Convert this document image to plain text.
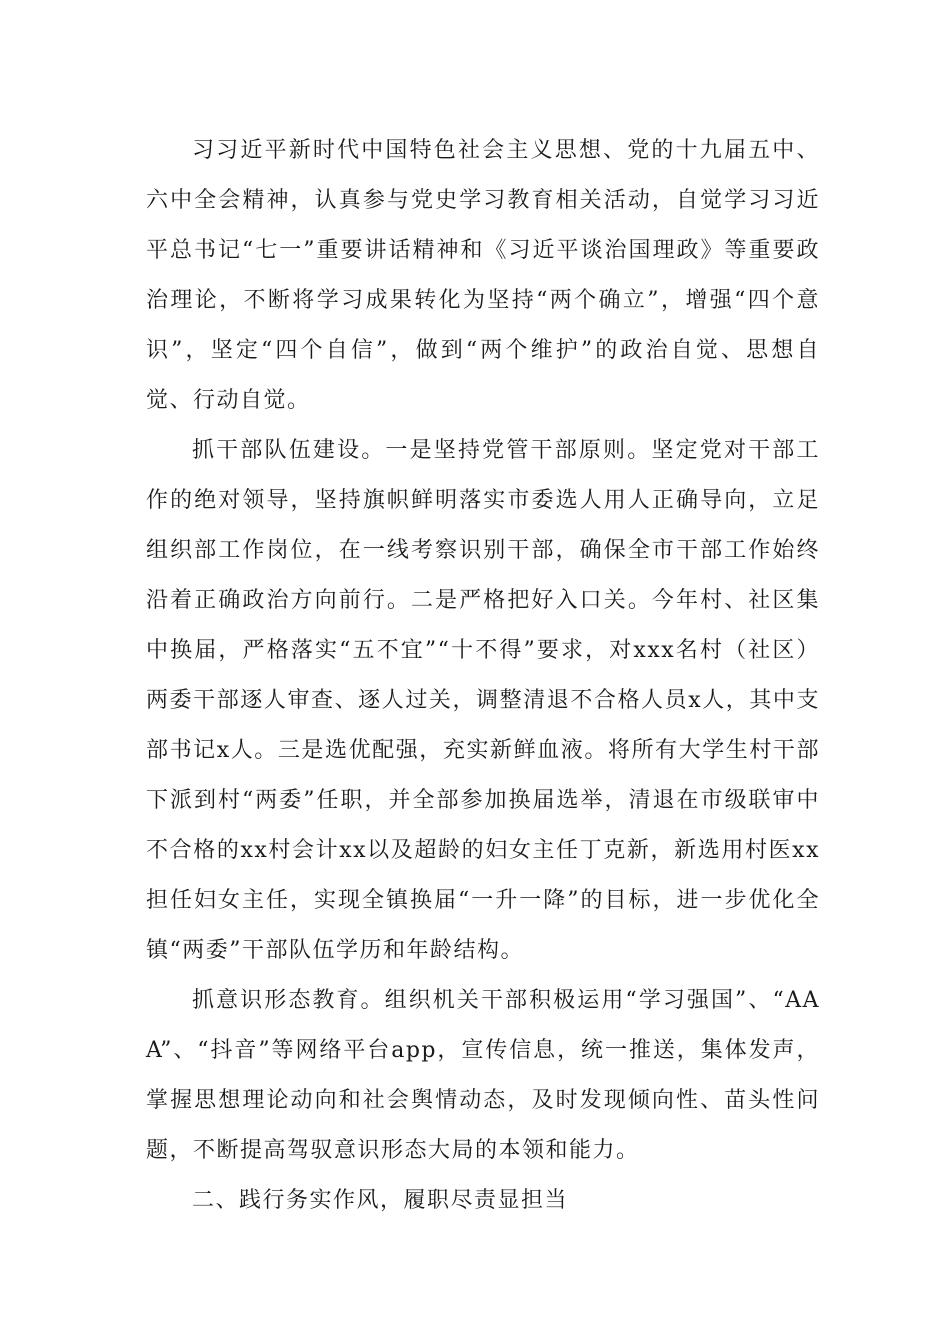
习习近平新时代中国特色社会主义思想、党的十九届五中、六中全会精神，认真参与党史学习教育相关活动，自觉学习习近平总书记“七一”重要讲话精神和《习近平谈治国理政》等重要政治理论，不断将学习成果转化为坚持“两个确立”，增强“四个意识”，坚定“四个自信”，做到“两个维护”的政治自觉、思想自觉、行动自觉。

抓干部队伍建设。一是坚持党管干部原则。坚定党对干部工作的绝对领导，坚持旗帜鲜明落实市委选人用人正确导向，立足组织部工作岗位，在一线考察识别干部，确保全市干部工作始终沿着正确政治方向前行。二是严格把好入口关。今年村、社区集中换届，严格落实“五不宜”“十不得”要求，对xxx名村（社区）两委干部逐人审查、逐人过关，调整清退不合格人员x人，其中支部书记x人。三是选优配强，充实新鲜血液。将所有大学生村干部下派到村“两委”任职，并全部参加换届选举，清退在市级联审中不合格的xx村会计xx以及超龄的妇女主任丁克新，新选用村医xx担任妇女主任，实现全镇换届“一升一降”的目标，进一步优化全镇“两委”干部队伍学历和年龄结构。

抓意识形态教育。组织机关干部积极运用“学习强国”、“AAA”、“抖音”等网络平台app，宣传信息，统一推送，集体发声，掌握思想理论动向和社会舆情动态，及时发现倾向性、苗头性问题，不断提高驾驭意识形态大局的本领和能力。

二、践行务实作风，履职尽责显担当
